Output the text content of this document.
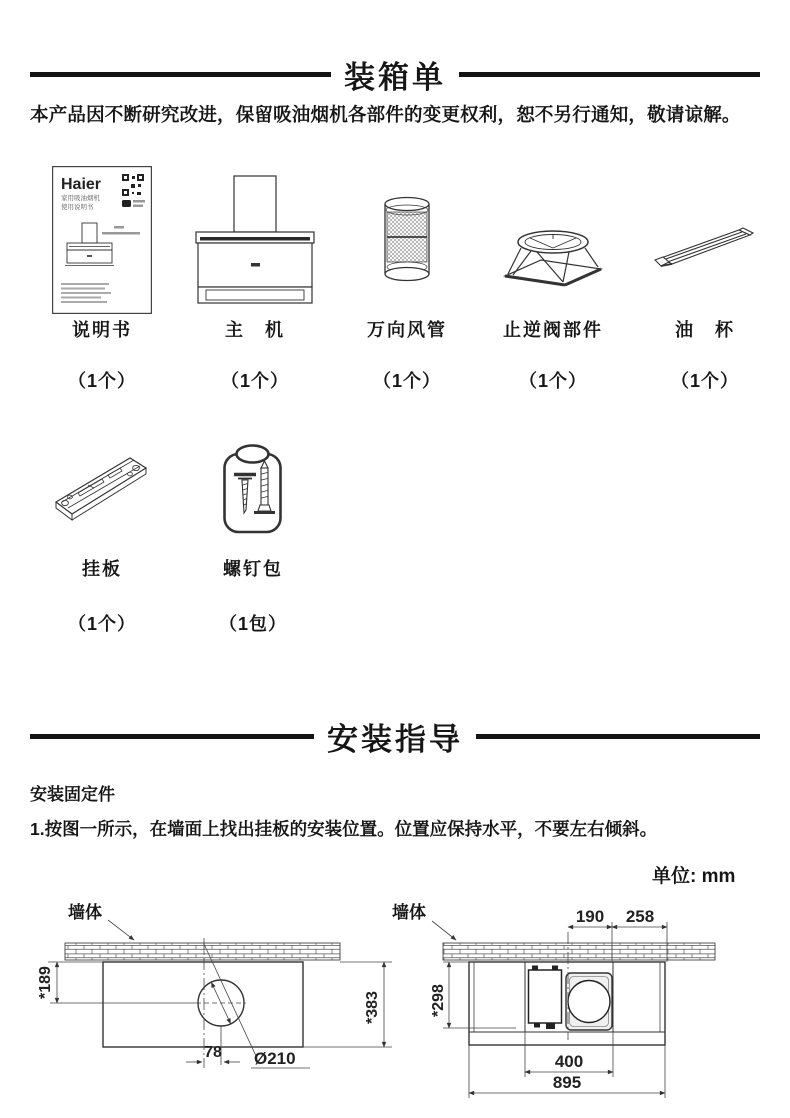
装箱单
本产品因不断研究改进，保留吸油烟机各部件的变更权利，恕不另行通知，敬请谅解。
Haier
家用吸油烟机
使用说明书
说明书
（1个）
主　机
（1个）
万向风管
（1个）
止逆阀部件
（1个）
油　杯
（1个）
挂板
（1个）
螺钉包
（1包）
安装指导
安装固定件
1.按图一所示，在墙面上找出挂板的安装位置。位置应保持水平，不要左右倾斜。
单位: mm
墙体
*189
*383
78 Ø210
墙体	190 258
*298
400
895
